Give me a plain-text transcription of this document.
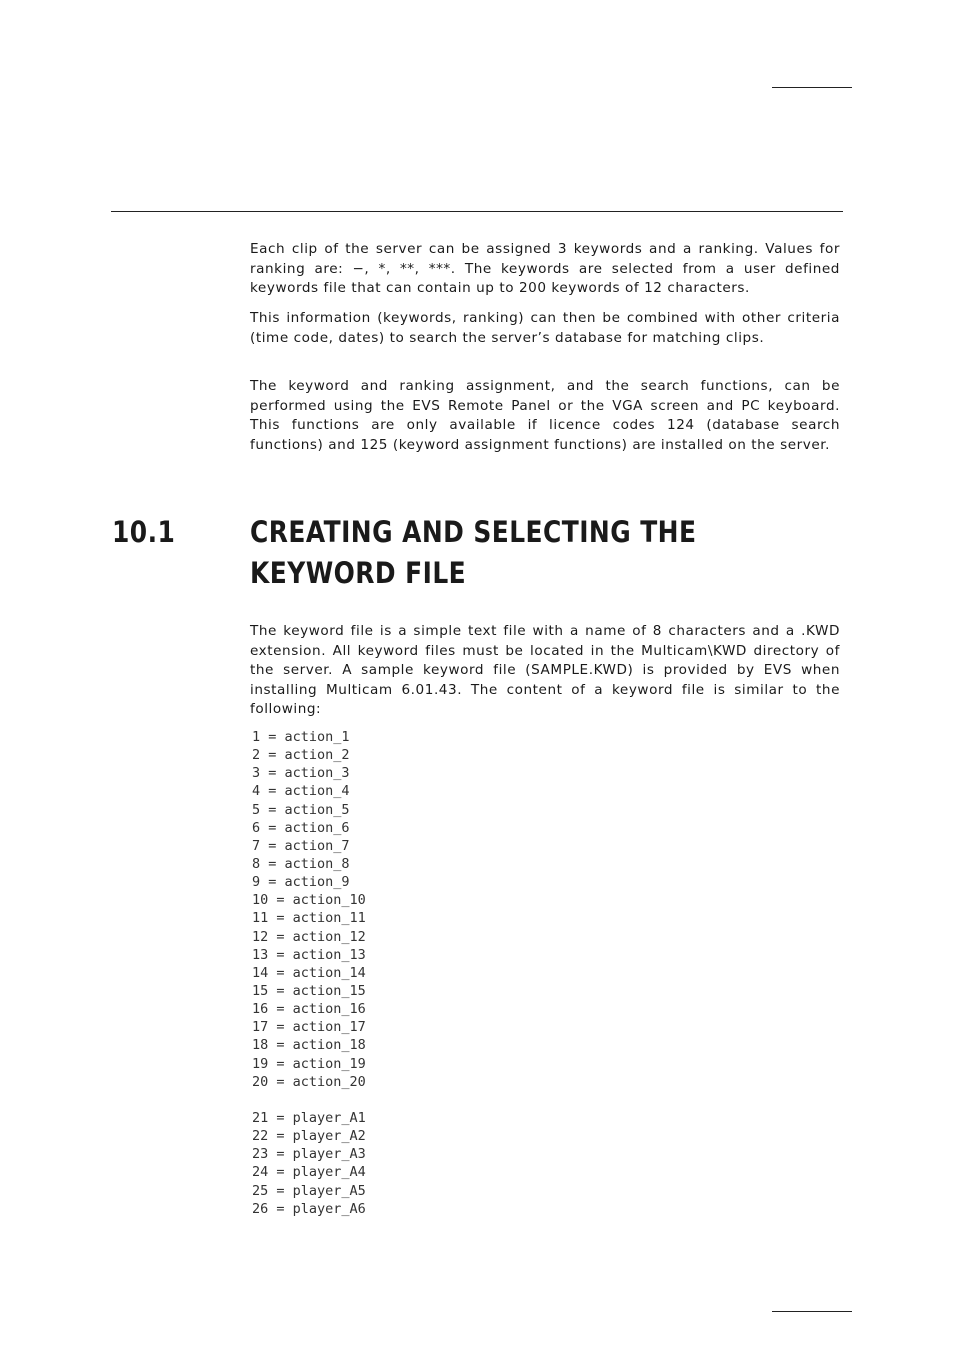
Each clip of the server can be assigned 3 keywords and a ranking. Values for ranking are: −, *, **, ***. The keywords are selected from a user defined keywords file that can contain up to 200 keywords of 12 characters.

This information (keywords, ranking) can then be combined with other criteria (time code, dates) to search the server’s database for matching clips.

The keyword and ranking assignment, and the search functions, can be performed using the EVS Remote Panel or the VGA screen and PC keyboard. This functions are only available if licence codes 124 (database search functions) and 125 (keyword assignment functions) are installed on the server.

10.1	CREATING AND SELECTING THE KEYWORD FILE

The keyword file is a simple text file with a name of 8 characters and a .KWD extension. All keyword files must be located in the Multicam\KWD directory of the server. A sample keyword file (SAMPLE.KWD) is provided by EVS when installing Multicam 6.01.43. The content of a keyword file is similar to the following:

1 = action_1
2 = action_2
3 = action_3
4 = action_4
5 = action_5
6 = action_6
7 = action_7
8 = action_8
9 = action_9
10 = action_10
11 = action_11
12 = action_12
13 = action_13
14 = action_14
15 = action_15
16 = action_16
17 = action_17
18 = action_18
19 = action_19
20 = action_20
21 = player_A1
22 = player_A2
23 = player_A3
24 = player_A4
25 = player_A5
26 = player_A6
